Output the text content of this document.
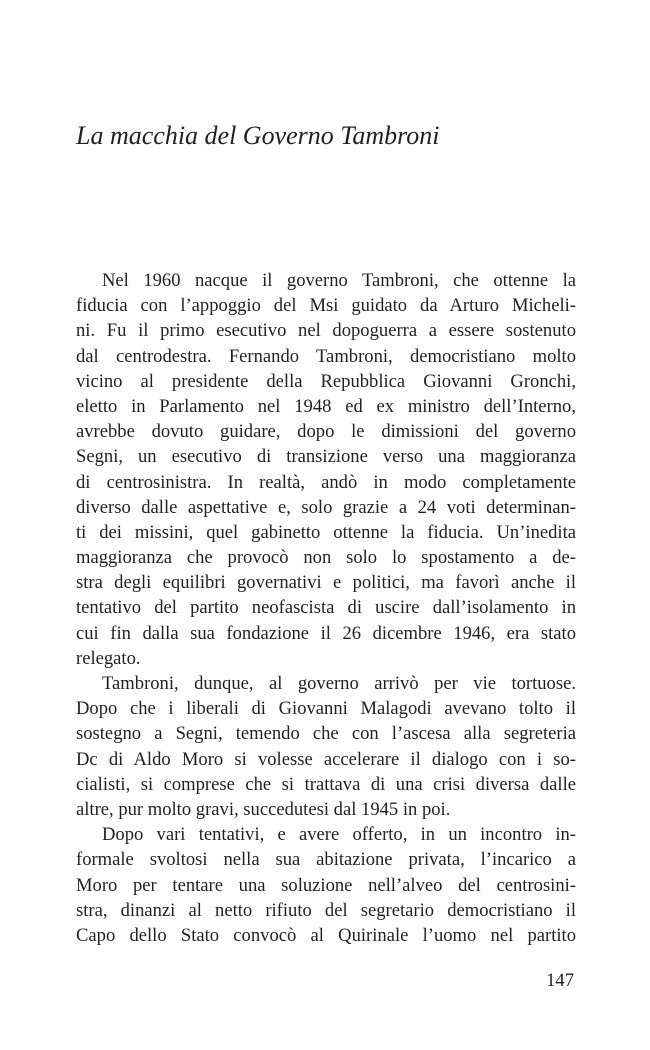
La macchia del Governo Tambroni
Nel 1960 nacque il governo Tambroni, che ottenne la
fiducia con l’appoggio del Msi guidato da Arturo Micheli-
ni. Fu il primo esecutivo nel dopoguerra a essere sostenuto
dal centrodestra. Fernando Tambroni, democristiano molto
vicino al presidente della Repubblica Giovanni Gronchi,
eletto in Parlamento nel 1948 ed ex ministro dell’Interno,
avrebbe dovuto guidare, dopo le dimissioni del governo
Segni, un esecutivo di transizione verso una maggioranza
di centrosinistra. In realtà, andò in modo completamente
diverso dalle aspettative e, solo grazie a 24 voti determinan-
ti dei missini, quel gabinetto ottenne la fiducia. Un’inedita
maggioranza che provocò non solo lo spostamento a de-
stra degli equilibri governativi e politici, ma favorì anche il
tentativo del partito neofascista di uscire dall’isolamento in
cui fin dalla sua fondazione il 26 dicembre 1946, era stato
relegato.
Tambroni, dunque, al governo arrivò per vie tortuose.
Dopo che i liberali di Giovanni Malagodi avevano tolto il
sostegno a Segni, temendo che con l’ascesa alla segreteria
Dc di Aldo Moro si volesse accelerare il dialogo con i so-
cialisti, si comprese che si trattava di una crisi diversa dalle
altre, pur molto gravi, succedutesi dal 1945 in poi.
Dopo vari tentativi, e avere offerto, in un incontro in-
formale svoltosi nella sua abitazione privata, l’incarico a
Moro per tentare una soluzione nell’alveo del centrosini-
stra, dinanzi al netto rifiuto del segretario democristiano il
Capo dello Stato convocò al Quirinale l’uomo nel partito
147
